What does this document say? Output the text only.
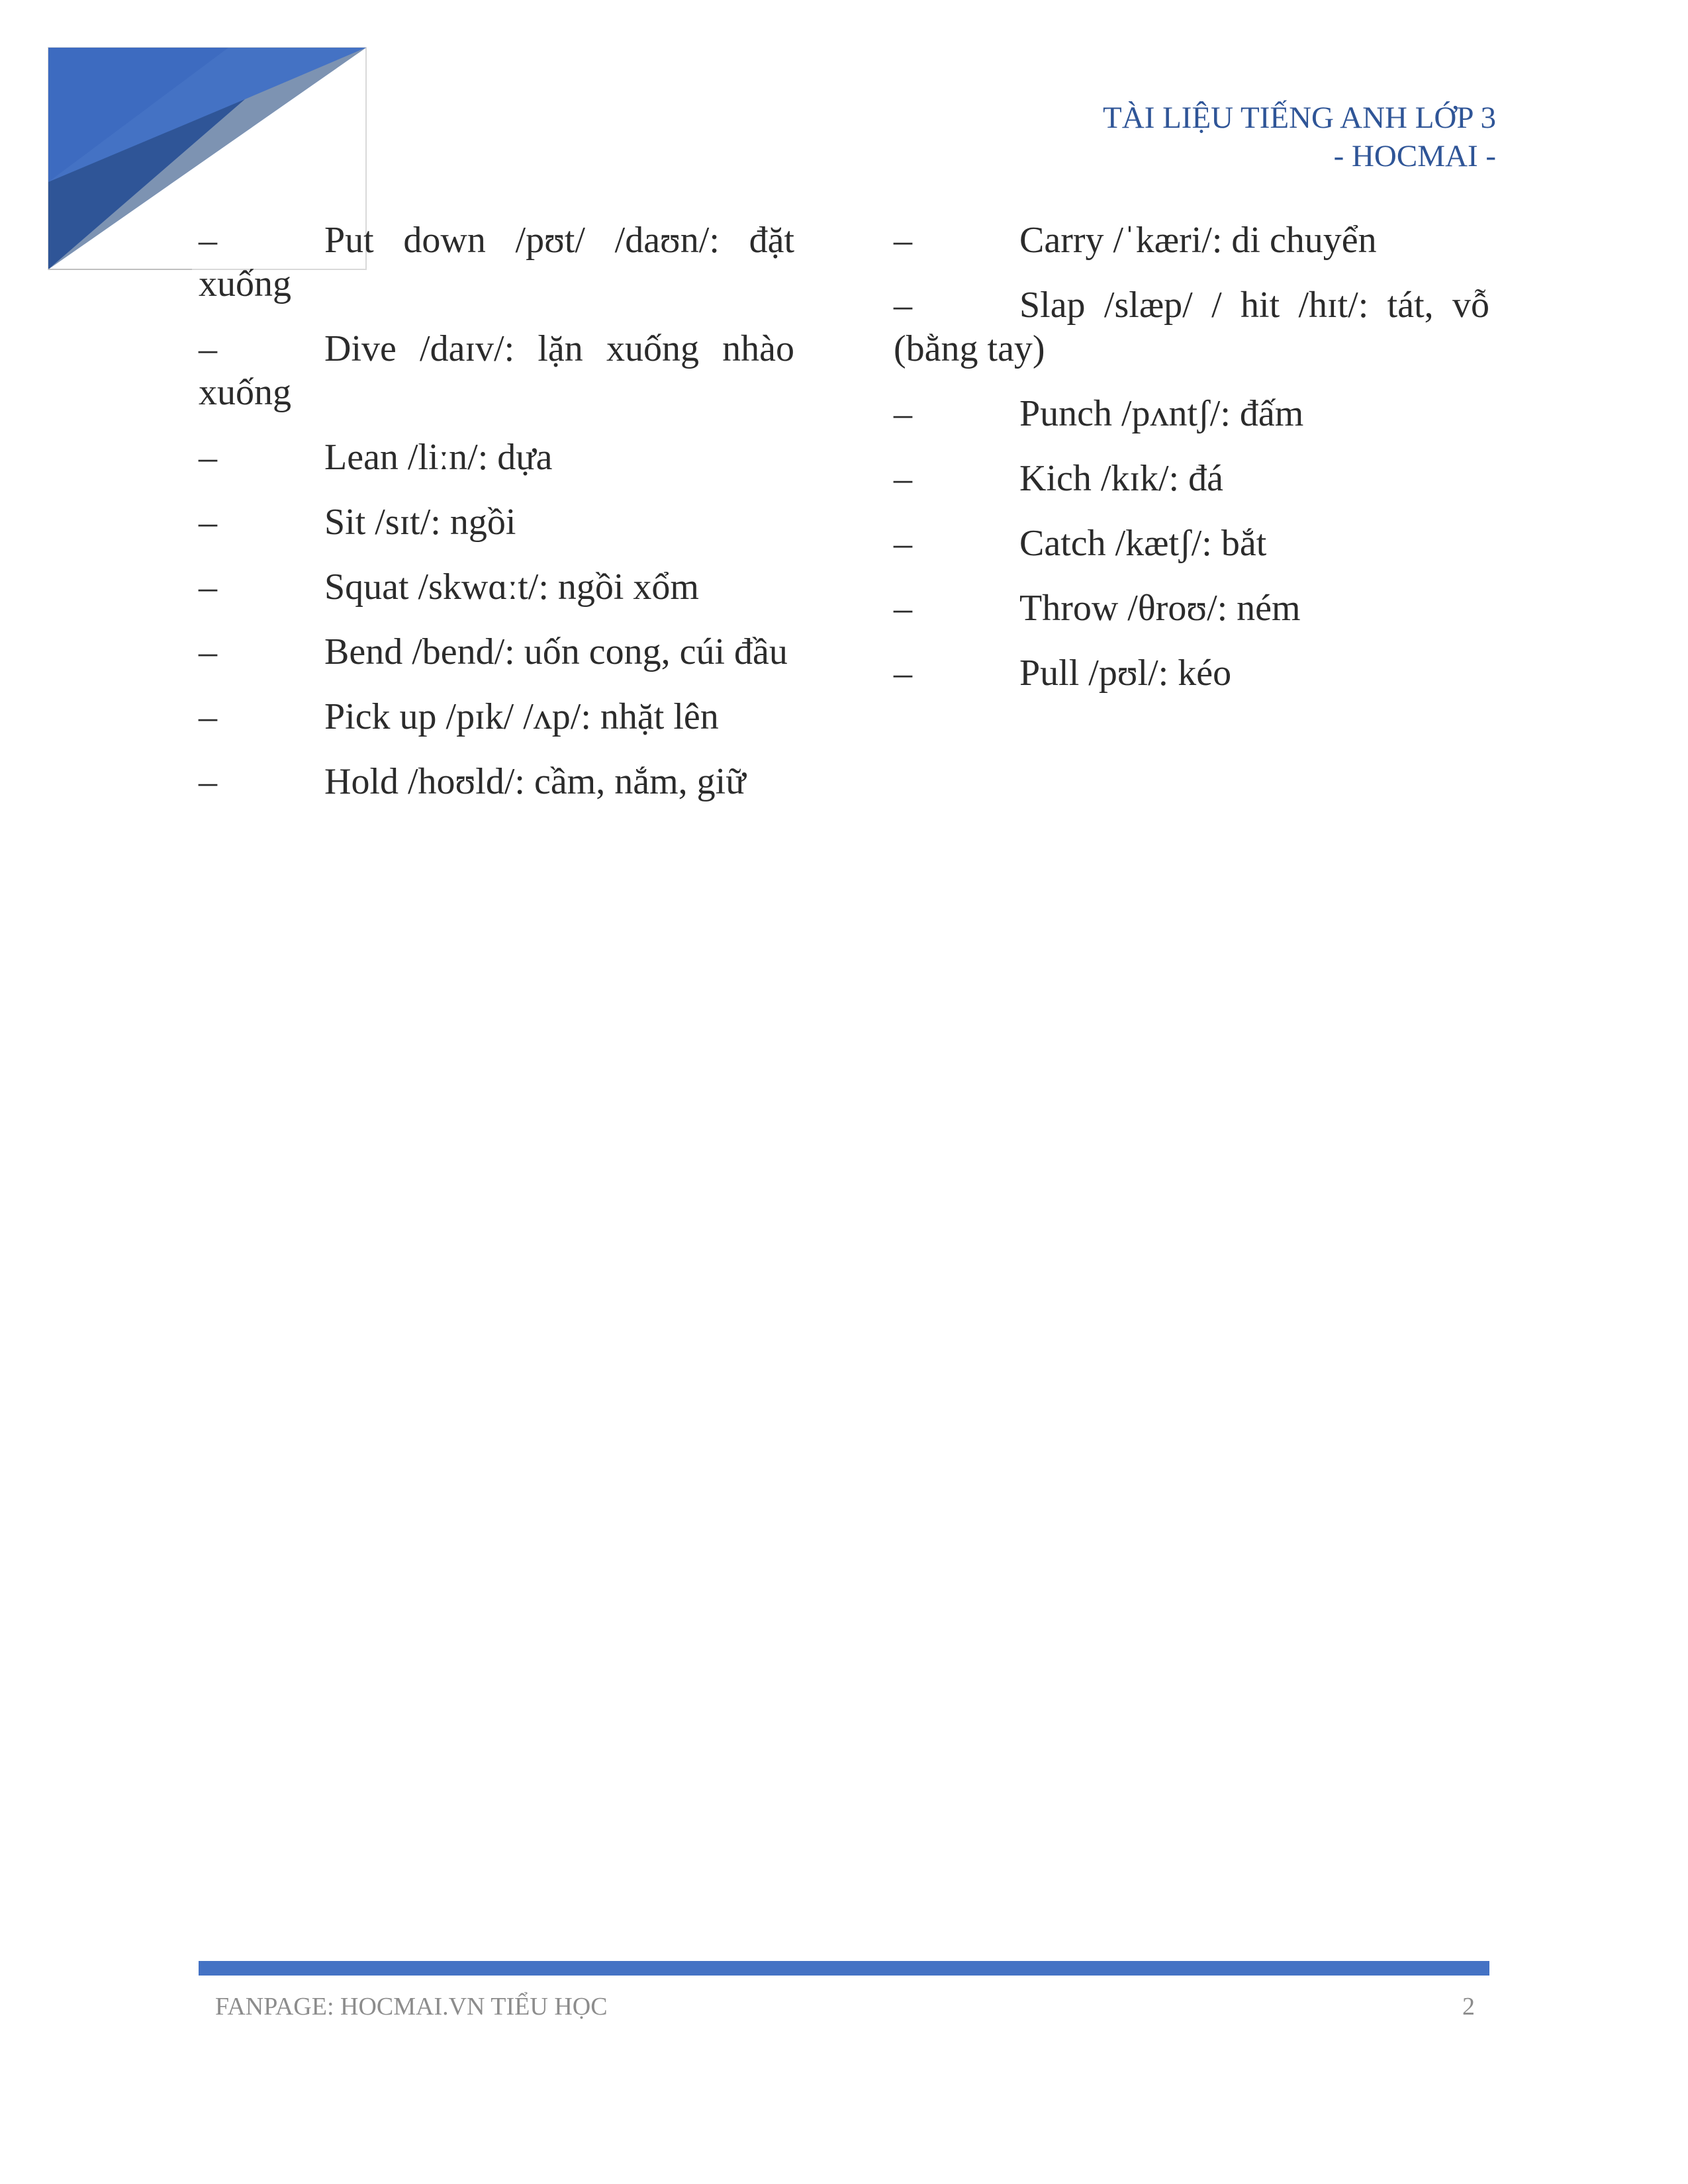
TÀI LIỆU TIẾNG ANH LỚP 3
- HOCMAI -
–	Put down /pʊt/ /daʊn/: đặt xuống
–	Dive /daɪv/: lặn xuống nhào xuống
–	Lean /liːn/: dựa
–	Sit /sɪt/: ngồi
–	Squat /skwɑːt/: ngồi xổm
–	Bend /bend/: uốn cong, cúi đầu
–	Pick up /pɪk/ /ʌp/: nhặt lên
–	Hold /hoʊld/: cầm, nắm, giữ
–	Carry /ˈkæri/: di chuyển
–	Slap /slæp/ / hit /hɪt/: tát, vỗ (bằng tay)
–	Punch /pʌntʃ/: đấm
–	Kich /kɪk/: đá
–	Catch /kætʃ/: bắt
–	Throw /θroʊ/: ném
–	Pull /pʊl/: kéo
FANPAGE: HOCMAI.VN TIỂU HỌC	2
